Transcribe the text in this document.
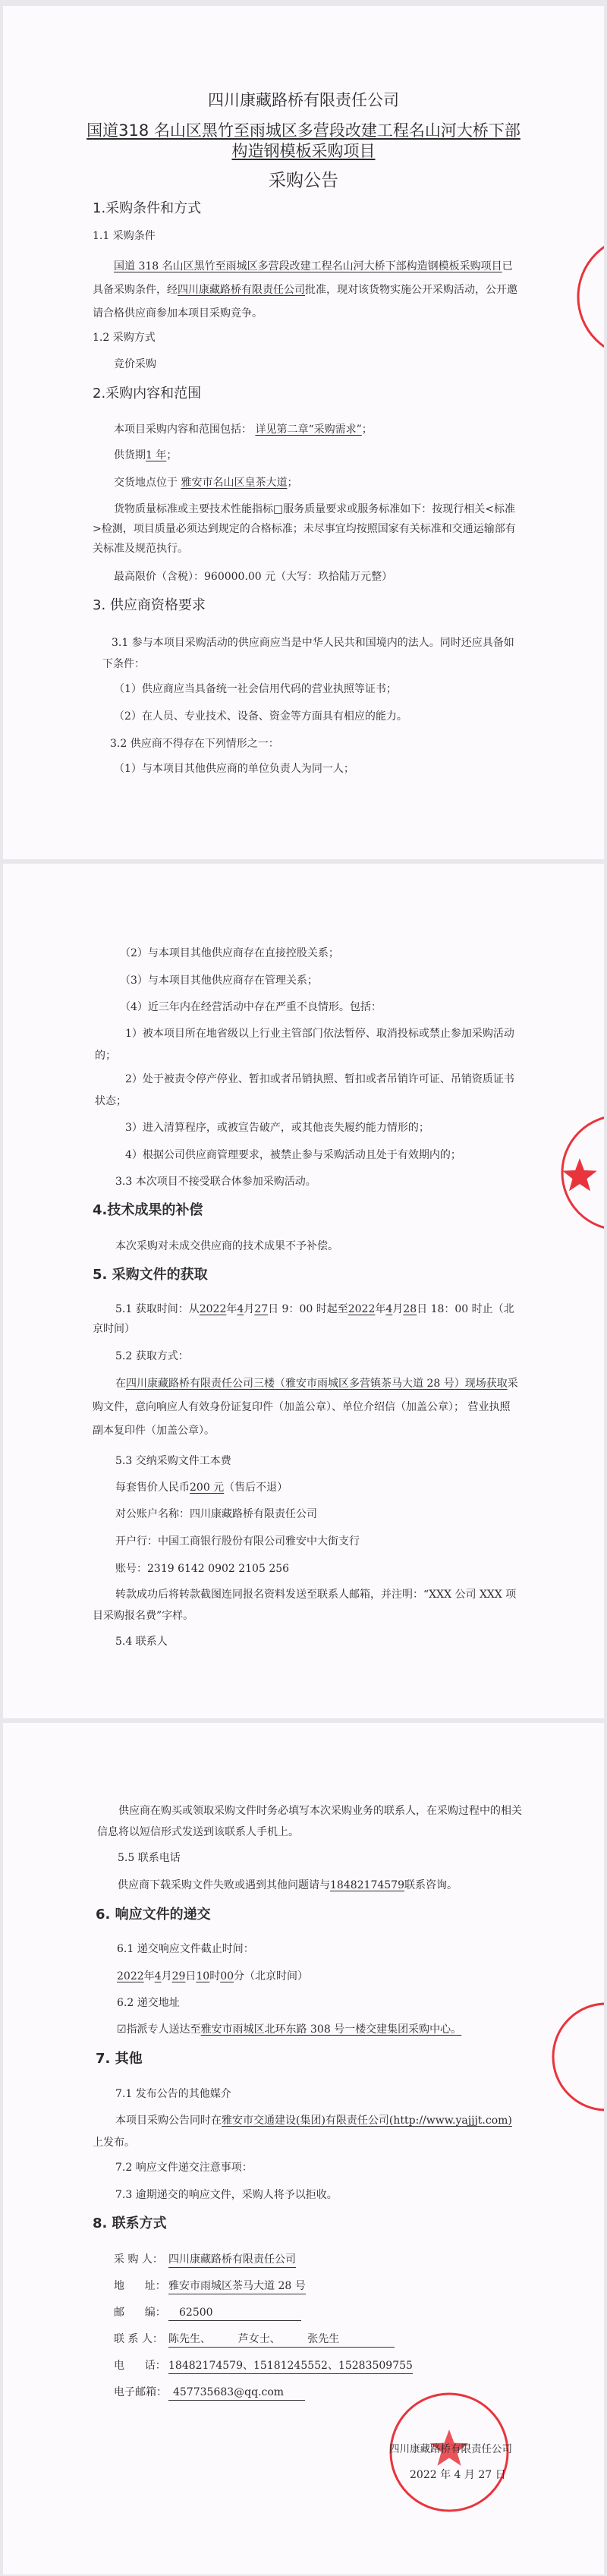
四川康藏路桥有限责任公司
国道318 名山区黑竹至雨城区多营段改建工程名山河大桥下部
构造钢模板采购项目
采购公告
1.采购条件和方式
1.1 采购条件
国道 318 名山区黑竹至雨城区多营段改建工程名山河大桥下部构造钢模板采购项目已具备采购条件，经四川康藏路桥有限责任公司批准，现对该货物实施公开采购活动，公开邀请合格供应商参加本项目采购竞争。
1.2 采购方式
竞价采购
2.采购内容和范围
本项目采购内容和范围包括： 详见第二章“采购需求”；
供货期1 年；
交货地点位于 雅安市名山区皇茶大道；
货物质量标准或主要技术性能指标□服务质量要求或服务标准如下：按现行相关<标准>检测，项目质量必须达到规定的合格标准；未尽事宜均按照国家有关标准和交通运输部有关标准及规范执行。
最高限价（含税）：960000.00 元（大写：玖拾陆万元整）
3. 供应商资格要求
3.1 参与本项目采购活动的供应商应当是中华人民共和国境内的法人。同时还应具备如下条件：
（1）供应商应当具备统一社会信用代码的营业执照等证书；
（2）在人员、专业技术、设备、资金等方面具有相应的能力。
3.2 供应商不得存在下列情形之一：
（1）与本项目其他供应商的单位负责人为同一人；
（2）与本项目其他供应商存在直接控股关系；
（3）与本项目其他供应商存在管理关系；
（4）近三年内在经营活动中存在严重不良情形。包括：
1）被本项目所在地省级以上行业主管部门依法暂停、取消投标或禁止参加采购活动的；
2）处于被责令停产停业、暂扣或者吊销执照、暂扣或者吊销许可证、吊销资质证书状态；
3）进入清算程序，或被宣告破产，或其他丧失履约能力情形的；
4）根据公司供应商管理要求，被禁止参与采购活动且处于有效期内的；
3.3 本次项目不接受联合体参加采购活动。
4.技术成果的补偿
本次采购对未成交供应商的技术成果不予补偿。
5. 采购文件的获取
5.1 获取时间：从2022年4月27日 9：00 时起至2022年4月28日 18：00 时止（北京时间）
5.2 获取方式：
在四川康藏路桥有限责任公司三楼（雅安市雨城区多营镇茶马大道 28 号）现场获取采购文件，意向响应人有效身份证复印件（加盖公章）、单位介绍信（加盖公章）； 营业执照副本复印件（加盖公章）。
5.3 交纳采购文件工本费
每套售价人民币200 元（售后不退）
对公账户名称：四川康藏路桥有限责任公司
开户行：中国工商银行股份有限公司雅安中大街支行
账号：2319 6142 0902 2105 256
转款成功后将转款截图连同报名资料发送至联系人邮箱，并注明：“XXX 公司 XXX 项目采购报名费”字样。
5.4 联系人
供应商在购买或领取采购文件时务必填写本次采购业务的联系人，在采购过程中的相关信息将以短信形式发送到该联系人手机上。
5.5 联系电话
供应商下载采购文件失败或遇到其他问题请与18482174579联系咨询。
6. 响应文件的递交
6.1 递交响应文件截止时间：
2022年4月29日10时00分（北京时间）
6.2 递交地址
☑指派专人送达至雅安市雨城区北环东路 308 号一楼交建集团采购中心。
7. 其他
7.1 发布公告的其他媒介
本项目采购公告同时在雅安市交通建设(集团)有限责任公司(http://www.yajjjt.com)上发布。
7.2 响应文件递交注意事项：
7.3 逾期递交的响应文件，采购人将予以拒收。
8. 联系方式
采 购 人： 四川康藏路桥有限责任公司
地      址： 雅安市雨城区茶马大道 28 号
邮      编： 62500
联 系 人： 陈先生、        芦女士、        张先生
电      话： 18482174579、15181245552、15283509755
电子邮箱： 457735683@qq.com
四川康藏路桥有限责任公司
2022 年 4 月 27 日
